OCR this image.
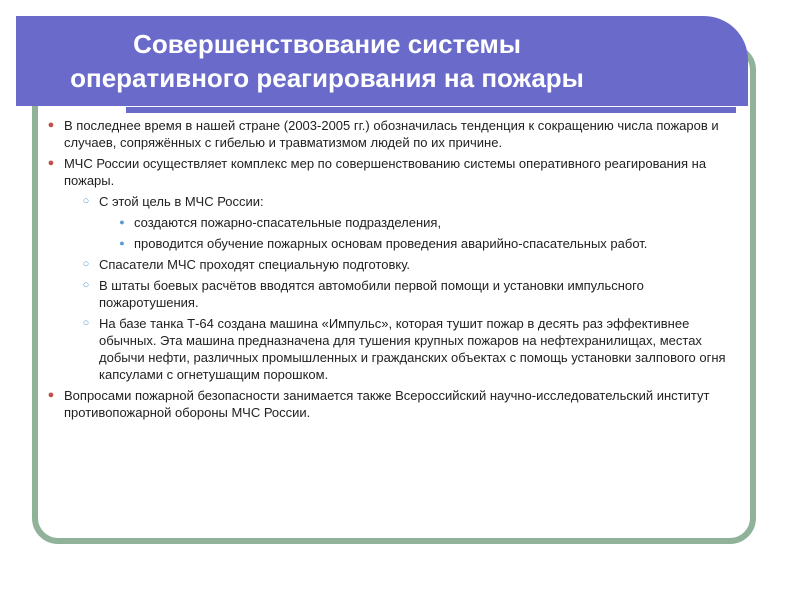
Совершенствование системы
оперативного реагирования на пожары
● В последнее время в нашей стране (2003-2005 гг.) обозначилась тенденция к сокращению числа пожаров и случаев, сопряжённых с гибелью и травматизмом людей по их причине.
● МЧС России осуществляет комплекс мер по совершенствованию системы оперативного реагирования на пожары.
○ С этой цель в МЧС России:
● создаются пожарно-спасательные подразделения,
● проводится обучение пожарных основам проведения аварийно-спасательных работ.
○ Спасатели МЧС проходят специальную подготовку.
○ В штаты боевых расчётов вводятся автомобили первой помощи и установки импульсного пожаротушения.
○ На базе танка Т-64 создана машина «Импульс», которая тушит пожар в десять раз эффективнее обычных. Эта машина предназначена для тушения крупных пожаров на нефтехранилищах, местах добычи нефти, различных промышленных и гражданских объектах с помощь установки залпового огня капсулами с огнетушащим порошком.
● Вопросами пожарной безопасности занимается также Всероссийский научно-исследовательский институт противопожарной обороны МЧС России.
